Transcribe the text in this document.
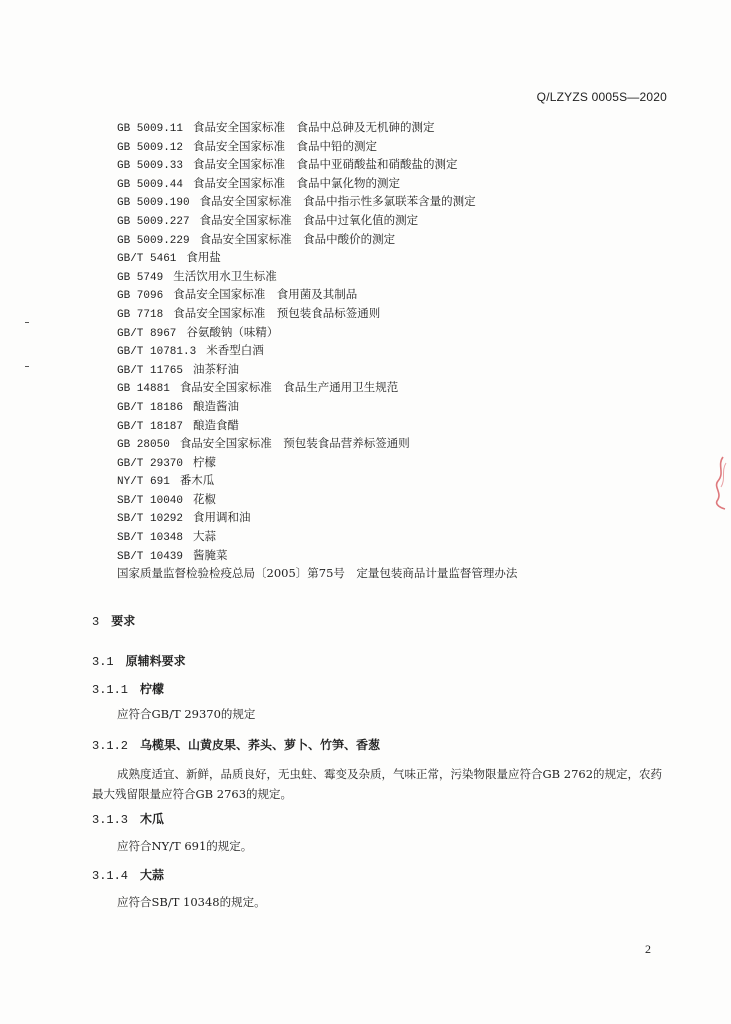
Q/LZYZS 0005S—2020
GB 5009.11 食品安全国家标准　食品中总砷及无机砷的测定
GB 5009.12 食品安全国家标准　食品中铅的测定
GB 5009.33 食品安全国家标准　食品中亚硝酸盐和硝酸盐的测定
GB 5009.44 食品安全国家标准　食品中氯化物的测定
GB 5009.190 食品安全国家标准　食品中指示性多氯联苯含量的测定
GB 5009.227 食品安全国家标准　食品中过氧化值的测定
GB 5009.229 食品安全国家标准　食品中酸价的测定
GB/T 5461 食用盐
GB 5749 生活饮用水卫生标准
GB 7096 食品安全国家标准　食用菌及其制品
GB 7718 食品安全国家标准　预包装食品标签通则
GB/T 8967 谷氨酸钠（味精）
GB/T 10781.3 米香型白酒
GB/T 11765 油茶籽油
GB 14881 食品安全国家标准　食品生产通用卫生规范
GB/T 18186 酿造酱油
GB/T 18187 酿造食醋
GB 28050 食品安全国家标准　预包装食品营养标签通则
GB/T 29370 柠檬
NY/T 691 番木瓜
SB/T 10040 花椒
SB/T 10292 食用调和油
SB/T 10348 大蒜
SB/T 10439 酱腌菜
国家质量监督检验检疫总局〔2005〕第75号　定量包装商品计量监督管理办法
3 要求
3.1 原辅料要求
3.1.1 柠檬
应符合GB/T 29370的规定
3.1.2 乌榄果、山黄皮果、荞头、萝卜、竹笋、香葱
成熟度适宜、新鲜，品质良好，无虫蛀、霉变及杂质，气味正常，污染物限量应符合GB 2762的规定，农药最大残留限量应符合GB 2763的规定。
3.1.3 木瓜
应符合NY/T 691的规定。
3.1.4 大蒜
应符合SB/T 10348的规定。
2
